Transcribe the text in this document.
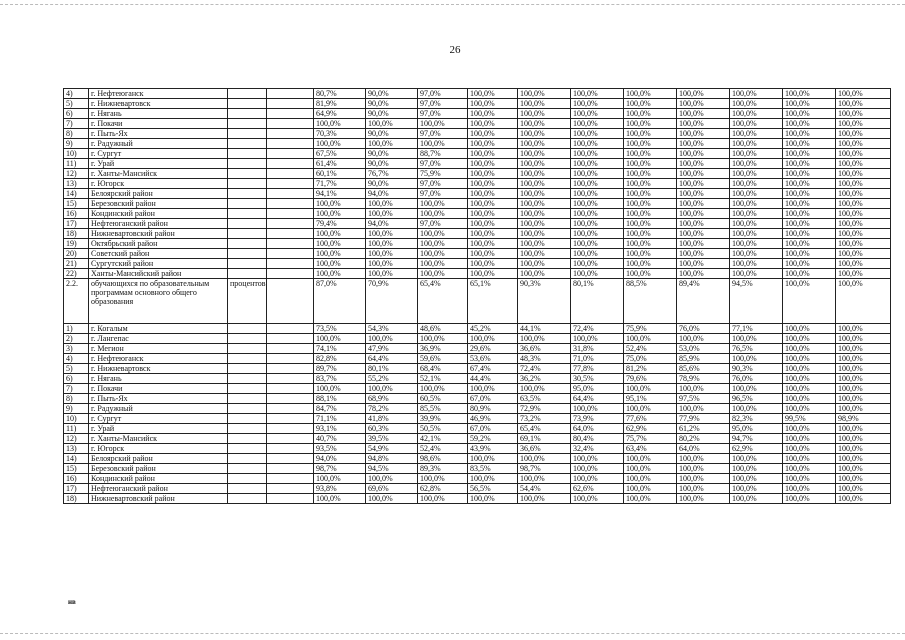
26
4)	г. Нефтеюганск			80,7%	90,0%	97,0%	100,0%	100,0%	100,0%	100,0%	100,0%	100,0%	100,0%	100,0%
5)	г. Нижневартовск			81,9%	90,0%	97,0%	100,0%	100,0%	100,0%	100,0%	100,0%	100,0%	100,0%	100,0%
6)	г. Нягань			64,9%	90,0%	97,0%	100,0%	100,0%	100,0%	100,0%	100,0%	100,0%	100,0%	100,0%
7)	г. Покачи			100,0%	100,0%	100,0%	100,0%	100,0%	100,0%	100,0%	100,0%	100,0%	100,0%	100,0%
8)	г. Пыть-Ях			70,3%	90,0%	97,0%	100,0%	100,0%	100,0%	100,0%	100,0%	100,0%	100,0%	100,0%
9)	г. Радужный			100,0%	100,0%	100,0%	100,0%	100,0%	100,0%	100,0%	100,0%	100,0%	100,0%	100,0%
10)	г. Сургут			67,5%	90,0%	88,7%	100,0%	100,0%	100,0%	100,0%	100,0%	100,0%	100,0%	100,0%
11)	г. Урай			61,4%	90,0%	97,0%	100,0%	100,0%	100,0%	100,0%	100,0%	100,0%	100,0%	100,0%
12)	г. Ханты-Мансийск			60,1%	76,7%	75,9%	100,0%	100,0%	100,0%	100,0%	100,0%	100,0%	100,0%	100,0%
13)	г. Югорск			71,7%	90,0%	97,0%	100,0%	100,0%	100,0%	100,0%	100,0%	100,0%	100,0%	100,0%
14)	Белоярский район			94,1%	94,0%	97,0%	100,0%	100,0%	100,0%	100,0%	100,0%	100,0%	100,0%	100,0%
15)	Березовский район			100,0%	100,0%	100,0%	100,0%	100,0%	100,0%	100,0%	100,0%	100,0%	100,0%	100,0%
16)	Кондинский район			100,0%	100,0%	100,0%	100,0%	100,0%	100,0%	100,0%	100,0%	100,0%	100,0%	100,0%
17)	Нефтеюганский район			79,4%	94,0%	97,0%	100,0%	100,0%	100,0%	100,0%	100,0%	100,0%	100,0%	100,0%
18)	Нижневартовский район			100,0%	100,0%	100,0%	100,0%	100,0%	100,0%	100,0%	100,0%	100,0%	100,0%	100,0%
19)	Октябрьский район			100,0%	100,0%	100,0%	100,0%	100,0%	100,0%	100,0%	100,0%	100,0%	100,0%	100,0%
20)	Советский район			100,0%	100,0%	100,0%	100,0%	100,0%	100,0%	100,0%	100,0%	100,0%	100,0%	100,0%
21)	Сургутский район			100,0%	100,0%	100,0%	100,0%	100,0%	100,0%	100,0%	100,0%	100,0%	100,0%	100,0%
22)	Ханты-Мансийский район			100,0%	100,0%	100,0%	100,0%	100,0%	100,0%	100,0%	100,0%	100,0%	100,0%	100,0%
2.2.	обучающихся по образовательным программам основного общего образования	процентов		87,0%	70,9%	65,4%	65,1%	90,3%	80,1%	88,5%	89,4%	94,5%	100,0%	100,0%
1)	г. Когалым			73,5%	54,3%	48,6%	45,2%	44,1%	72,4%	75,9%	76,0%	77,1%	100,0%	100,0%
2)	г. Лангепас			100,0%	100,0%	100,0%	100,0%	100,0%	100,0%	100,0%	100,0%	100,0%	100,0%	100,0%
3)	г. Мегион			74,1%	47,9%	36,9%	29,6%	36,6%	31,8%	52,4%	53,0%	76,5%	100,0%	100,0%
4)	г. Нефтеюганск			82,8%	64,4%	59,6%	53,6%	48,3%	71,0%	75,0%	85,9%	100,0%	100,0%	100,0%
5)	г. Нижневартовск			89,7%	80,1%	68,4%	67,4%	72,4%	77,8%	81,2%	85,6%	90,3%	100,0%	100,0%
6)	г. Нягань			83,7%	55,2%	52,1%	44,4%	36,2%	30,5%	79,6%	78,9%	76,0%	100,0%	100,0%
7)	г. Покачи			100,0%	100,0%	100,0%	100,0%	100,0%	95,0%	100,0%	100,0%	100,0%	100,0%	100,0%
8)	г. Пыть-Ях			88,1%	68,9%	60,5%	67,0%	63,5%	64,4%	95,1%	97,5%	96,5%	100,0%	100,0%
9)	г. Радужный			84,7%	78,2%	85,5%	80,9%	72,9%	100,0%	100,0%	100,0%	100,0%	100,0%	100,0%
10)	г. Сургут			71,1%	41,8%	39,9%	46,9%	73,2%	73,9%	77,6%	77,9%	82,3%	99,5%	98,9%
11)	г. Урай			93,1%	60,3%	50,5%	67,0%	65,4%	64,0%	62,9%	61,2%	95,0%	100,0%	100,0%
12)	г. Ханты-Мансийск			40,7%	39,5%	42,1%	59,2%	69,1%	80,4%	75,7%	80,2%	94,7%	100,0%	100,0%
13)	г. Югорск			93,5%	54,9%	52,4%	43,9%	36,6%	32,4%	63,4%	64,0%	62,9%	100,0%	100,0%
14)	Белоярский район			94,0%	94,8%	98,6%	100,0%	100,0%	100,0%	100,0%	100,0%	100,0%	100,0%	100,0%
15)	Березовский район			98,7%	94,5%	89,3%	83,5%	98,7%	100,0%	100,0%	100,0%	100,0%	100,0%	100,0%
16)	Кондинский район			100,0%	100,0%	100,0%	100,0%	100,0%	100,0%	100,0%	100,0%	100,0%	100,0%	100,0%
17)	Нефтеюганский район			93,8%	69,6%	62,8%	56,5%	54,4%	62,6%	100,0%	100,0%	100,0%	100,0%	100,0%
18)	Нижневартовский район			100,0%	100,0%	100,0%	100,0%	100,0%	100,0%	100,0%	100,0%	100,0%	100,0%	100,0%
нв
